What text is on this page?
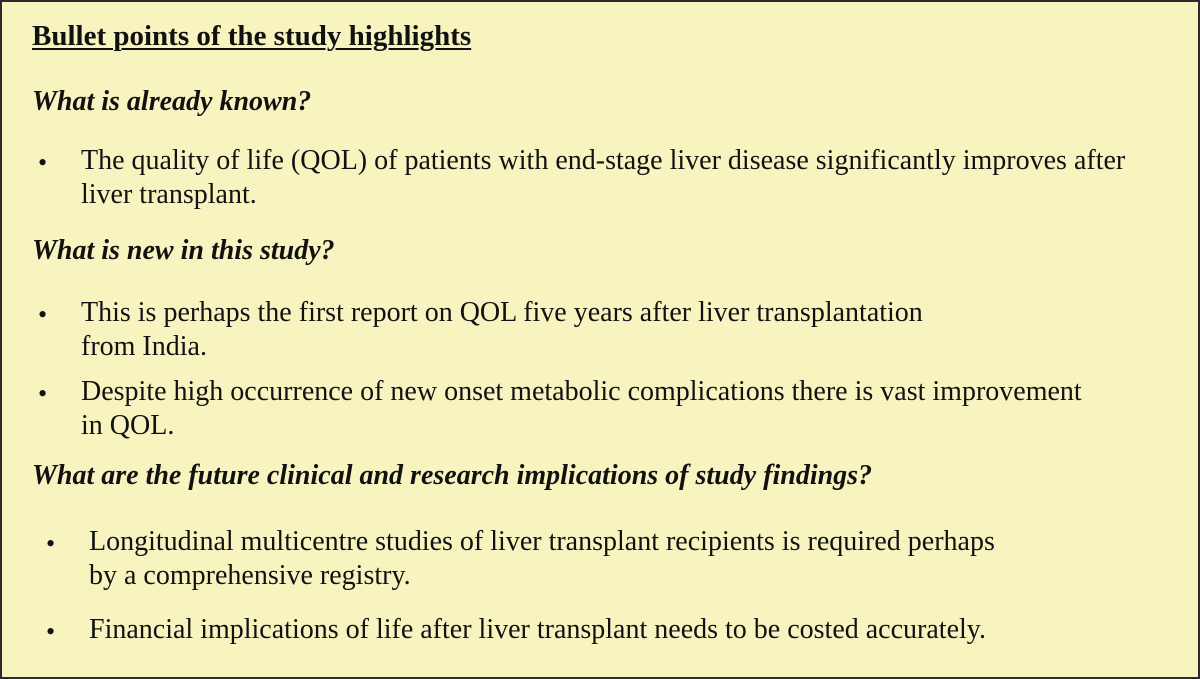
Bullet points of the study highlights
What is already known?
• The quality of life (QOL) of patients with end-stage liver disease significantly improves after
liver transplant.
What is new in this study?
• This is perhaps the first report on QOL five years after liver transplantation
from India.
• Despite high occurrence of new onset metabolic complications there is vast improvement
in QOL.
What are the future clinical and research implications of study findings?
• Longitudinal multicentre studies of liver transplant recipients is required perhaps
by a comprehensive registry.
• Financial implications of life after liver transplant needs to be costed accurately.
